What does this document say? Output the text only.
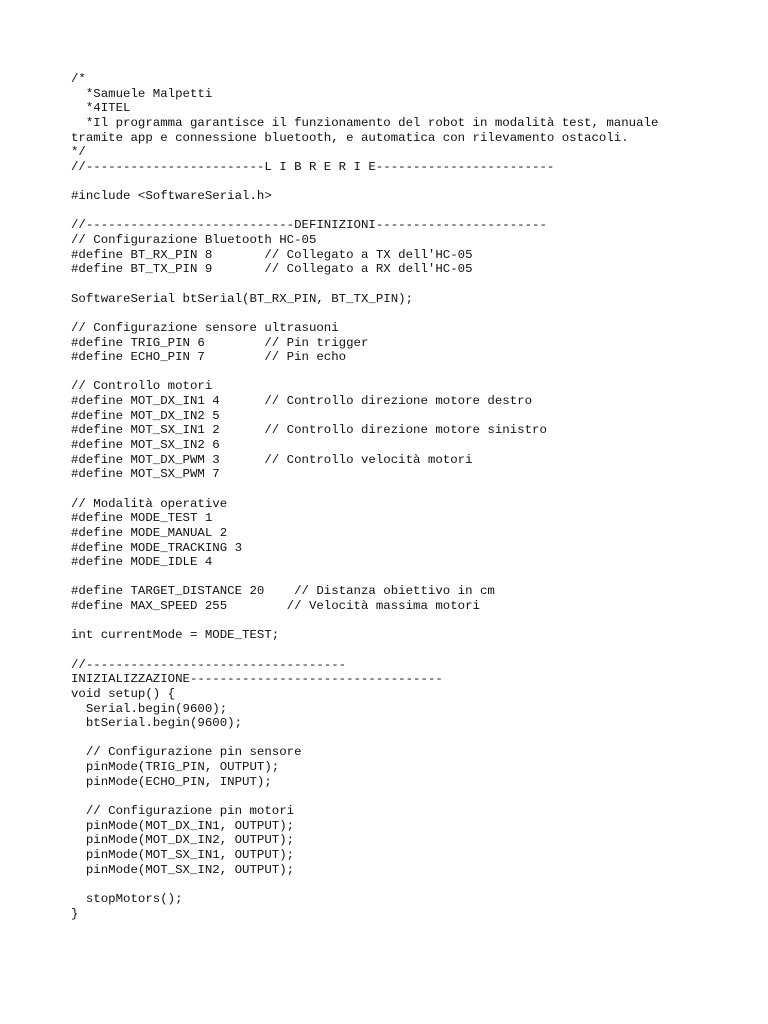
/*
*Samuele Malpetti
*4ITEL
*Il programma garantisce il funzionamento del robot in modalità test, manuale
tramite app e connessione bluetooth, e automatica con rilevamento ostacoli.
*/
//------------------------L I B R E R I E------------------------
#include <SoftwareSerial.h>
//----------------------------DEFINIZIONI-----------------------
// Configurazione Bluetooth HC-05
#define BT_RX_PIN 8       // Collegato a TX dell'HC-05
#define BT_TX_PIN 9       // Collegato a RX dell'HC-05
SoftwareSerial btSerial(BT_RX_PIN, BT_TX_PIN);
// Configurazione sensore ultrasuoni
#define TRIG_PIN 6        // Pin trigger
#define ECHO_PIN 7        // Pin echo
// Controllo motori
#define MOT_DX_IN1 4      // Controllo direzione motore destro
#define MOT_DX_IN2 5
#define MOT_SX_IN1 2      // Controllo direzione motore sinistro
#define MOT_SX_IN2 6
#define MOT_DX_PWM 3      // Controllo velocità motori
#define MOT_SX_PWM 7
// Modalità operative
#define MODE_TEST 1
#define MODE_MANUAL 2
#define MODE_TRACKING 3
#define MODE_IDLE 4
#define TARGET_DISTANCE 20    // Distanza obiettivo in cm
#define MAX_SPEED 255        // Velocità massima motori
int currentMode = MODE_TEST;
//-----------------------------------
INIZIALIZZAZIONE----------------------------------
void setup() {
Serial.begin(9600);
btSerial.begin(9600);
// Configurazione pin sensore
pinMode(TRIG_PIN, OUTPUT);
pinMode(ECHO_PIN, INPUT);
// Configurazione pin motori
pinMode(MOT_DX_IN1, OUTPUT);
pinMode(MOT_DX_IN2, OUTPUT);
pinMode(MOT_SX_IN1, OUTPUT);
pinMode(MOT_SX_IN2, OUTPUT);
stopMotors();
}
